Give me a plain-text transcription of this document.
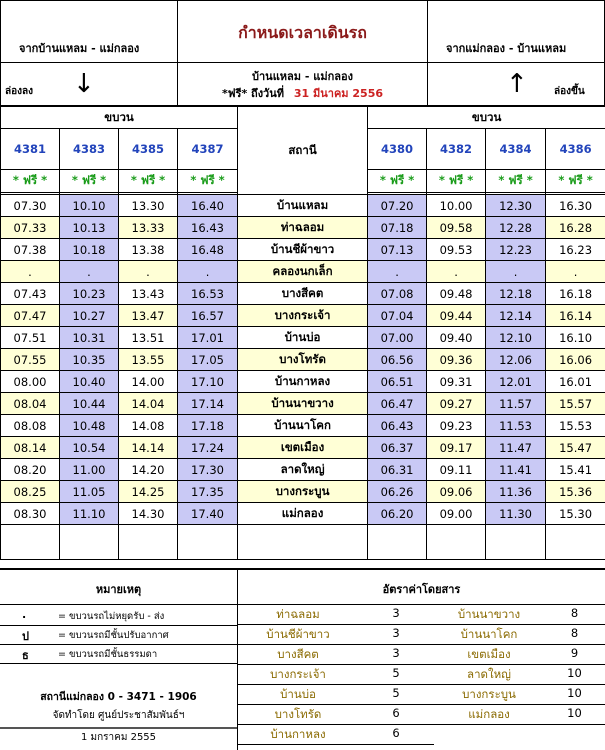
จากบ้านแหลม - แม่กลอง
ล่องลง ↓
กำหนดเวลาเดินรถ
บ้านแหลม - แม่กลอง
*ฟรี* ถึงวันที่ 31 มีนาคม 2556
จากแม่กลอง - บ้านแหลม
↑	ล่องขึ้น
ขบวน				สถานี	ขบวน			
4381	4383	4385	4387		4380	4382	4384	4386
* ฟรี *	* ฟรี *	* ฟรี *	* ฟรี *		* ฟรี *	* ฟรี *	* ฟรี *	* ฟรี *

07.30	10.10	13.30	16.40	บ้านแหลม	07.20	10.00	12.30	16.30
07.33	10.13	13.33	16.43	ท่าฉลอม	07.18	09.58	12.28	16.28
07.38	10.18	13.38	16.48	บ้านชีผ้าขาว	07.13	09.53	12.23	16.23
.	.	.	.	คลองนกเล็ก	.	.	.	.
07.43	10.23	13.43	16.53	บางสีคต	07.08	09.48	12.18	16.18
07.47	10.27	13.47	16.57	บางกระเจ้า	07.04	09.44	12.14	16.14
07.51	10.31	13.51	17.01	บ้านบ่อ	07.00	09.40	12.10	16.10
07.55	10.35	13.55	17.05	บางโทรัด	06.56	09.36	12.06	16.06
08.00	10.40	14.00	17.10	บ้านกาหลง	06.51	09.31	12.01	16.01
08.04	10.44	14.04	17.14	บ้านนาขวาง	06.47	09.27	11.57	15.57
08.08	10.48	14.08	17.18	บ้านนาโคก	06.43	09.23	11.53	15.53
08.14	10.54	14.14	17.24	เขตเมือง	06.37	09.17	11.47	15.47
08.20	11.00	14.20	17.30	ลาดใหญ่	06.31	09.11	11.41	15.41
08.25	11.05	14.25	17.35	บางกระบูน	06.26	09.06	11.36	15.36
08.30	11.10	14.30	17.40	แม่กลอง	06.20	09.00	11.30	15.30

หมายเหตุ
.	= ขบวนรถไม่หยุดรับ - ส่ง
ป	= ขบวนรถมีชั้นปรับอากาศ
ธ	= ขบวนรถมีชั้นธรรมดา
สถานีแม่กลอง 0 - 3471 - 1906
จัดทำโดย ศูนย์ประชาสัมพันธ์ฯ
1 มกราคม 2555
อัตราค่าโดยสาร
ท่าฉลอม	3
บ้านชีผ้าขาว	3
บางสีคต	3
บางกระเจ้า	5
บ้านบ่อ	5
บางโทรัด	6
บ้านกาหลง	6
บ้านนาขวาง	8
บ้านนาโคก	8
เขตเมือง	9
ลาดใหญ่	10
บางกระบูน	10
แม่กลอง	10
